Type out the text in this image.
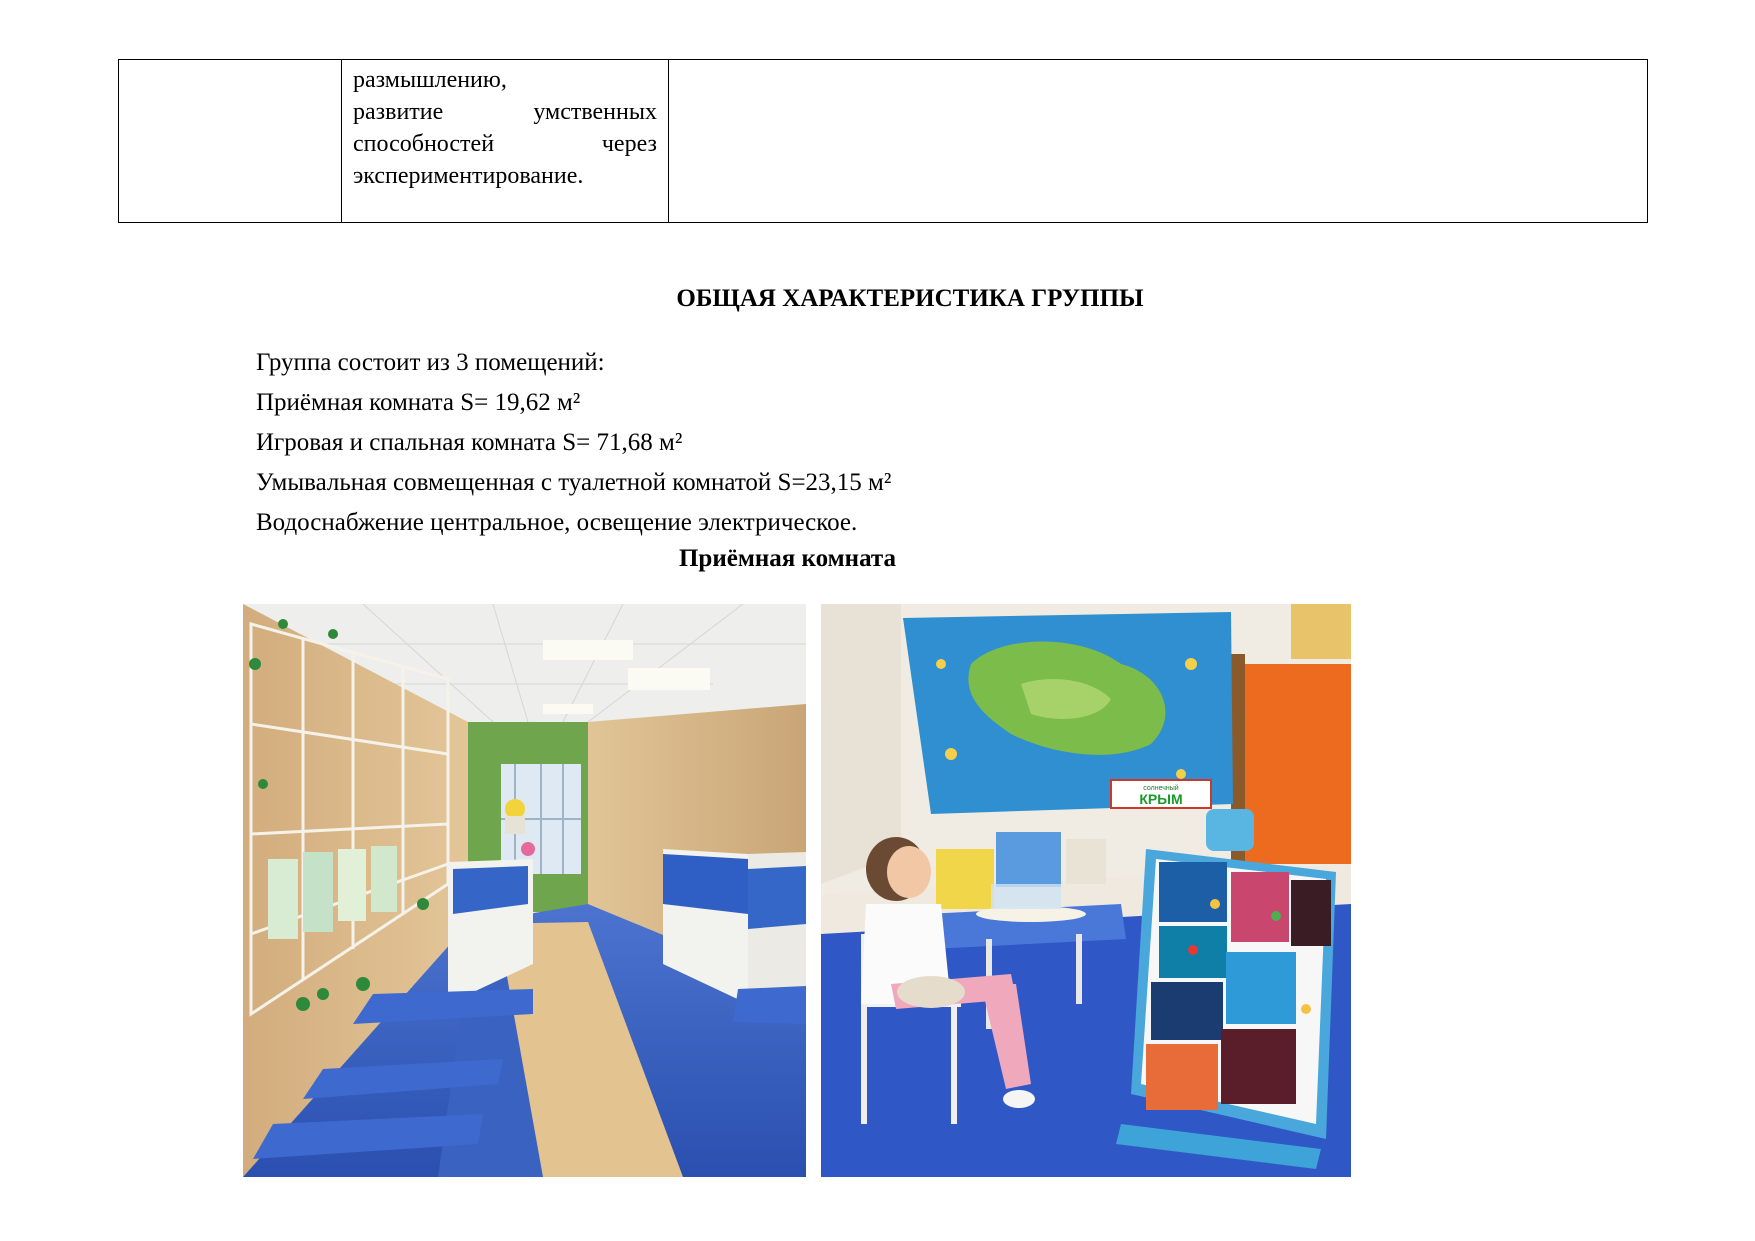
размышлению,
развитие умственных
способностей через
экспериментирование.

ОБЩАЯ ХАРАКТЕРИСТИКА ГРУППЫ
Группа состоит из 3 помещений:
Приёмная комната S= 19,62 м²
Игровая и спальная комната S= 71,68 м²
Умывальная совмещенная с туалетной комнатой S=23,15 м²
Водоснабжение центральное, освещение электрическое.
Приёмная комната
солнечный
КРЫМ
